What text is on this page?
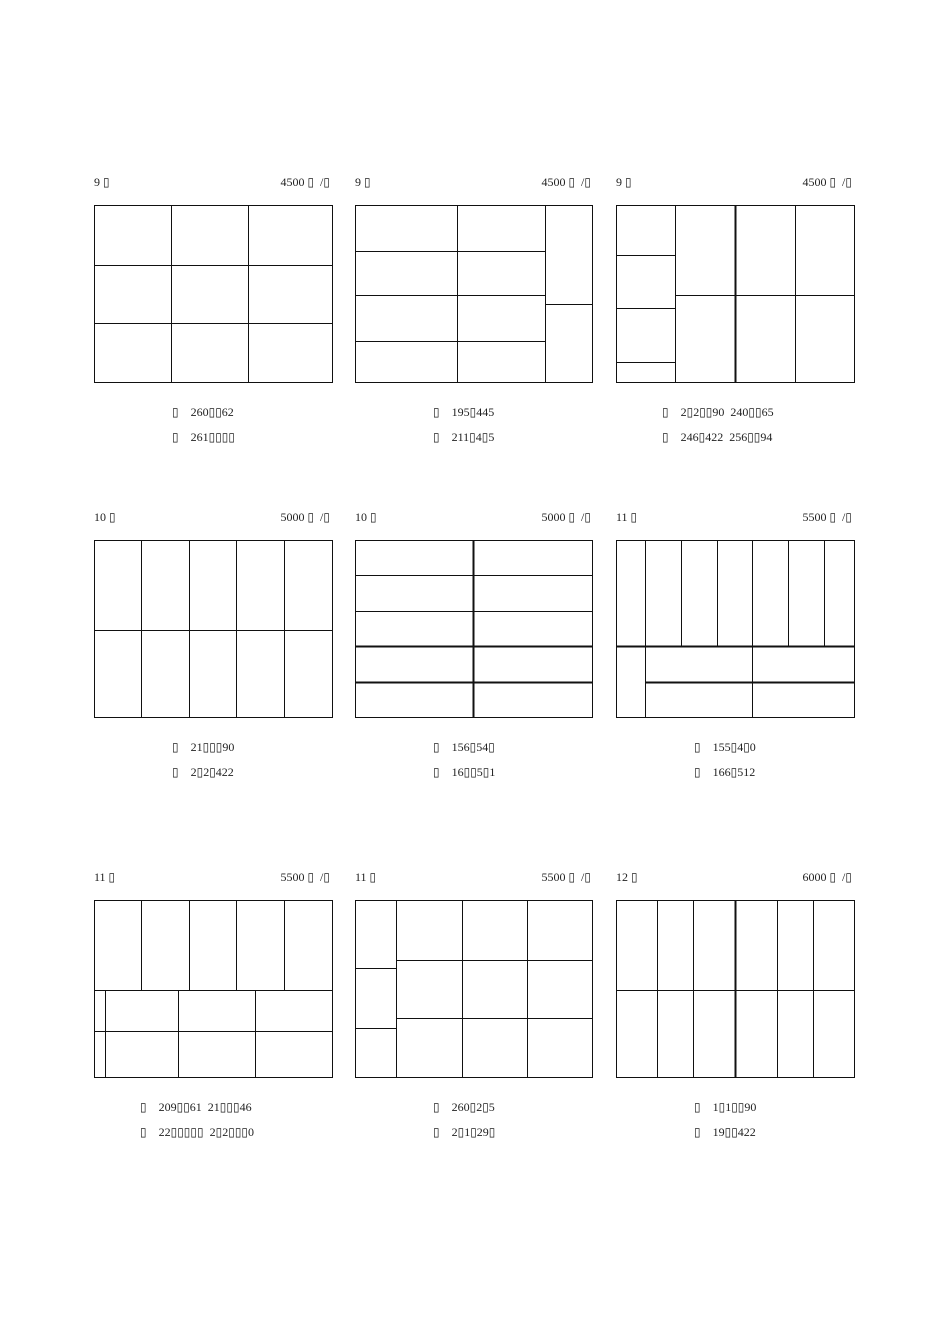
9 ▯	4500 ▯  /▯
▯    260▯▯62
▯    261▯▯▯▯
9 ▯	4500 ▯  /▯
▯    195▯445
▯    211▯4▯5
9 ▯	4500 ▯  /▯
▯    2▯2▯▯90  240▯▯65
▯    246▯422  256▯▯94
10 ▯	5000 ▯  /▯
▯    21▯▯▯90
▯    2▯2▯422
10 ▯	5000 ▯  /▯
▯    156▯54▯
▯    16▯▯5▯1
11 ▯	5500 ▯  /▯
▯    155▯4▯0
▯    166▯512
11 ▯	5500 ▯  /▯
▯    209▯▯61  21▯▯▯46
▯    22▯▯▯▯▯  2▯2▯▯▯0
11 ▯	5500 ▯  /▯
▯    260▯2▯5
▯    2▯1▯29▯
12 ▯	6000 ▯  /▯
▯    1▯1▯▯90
▯    19▯▯422
